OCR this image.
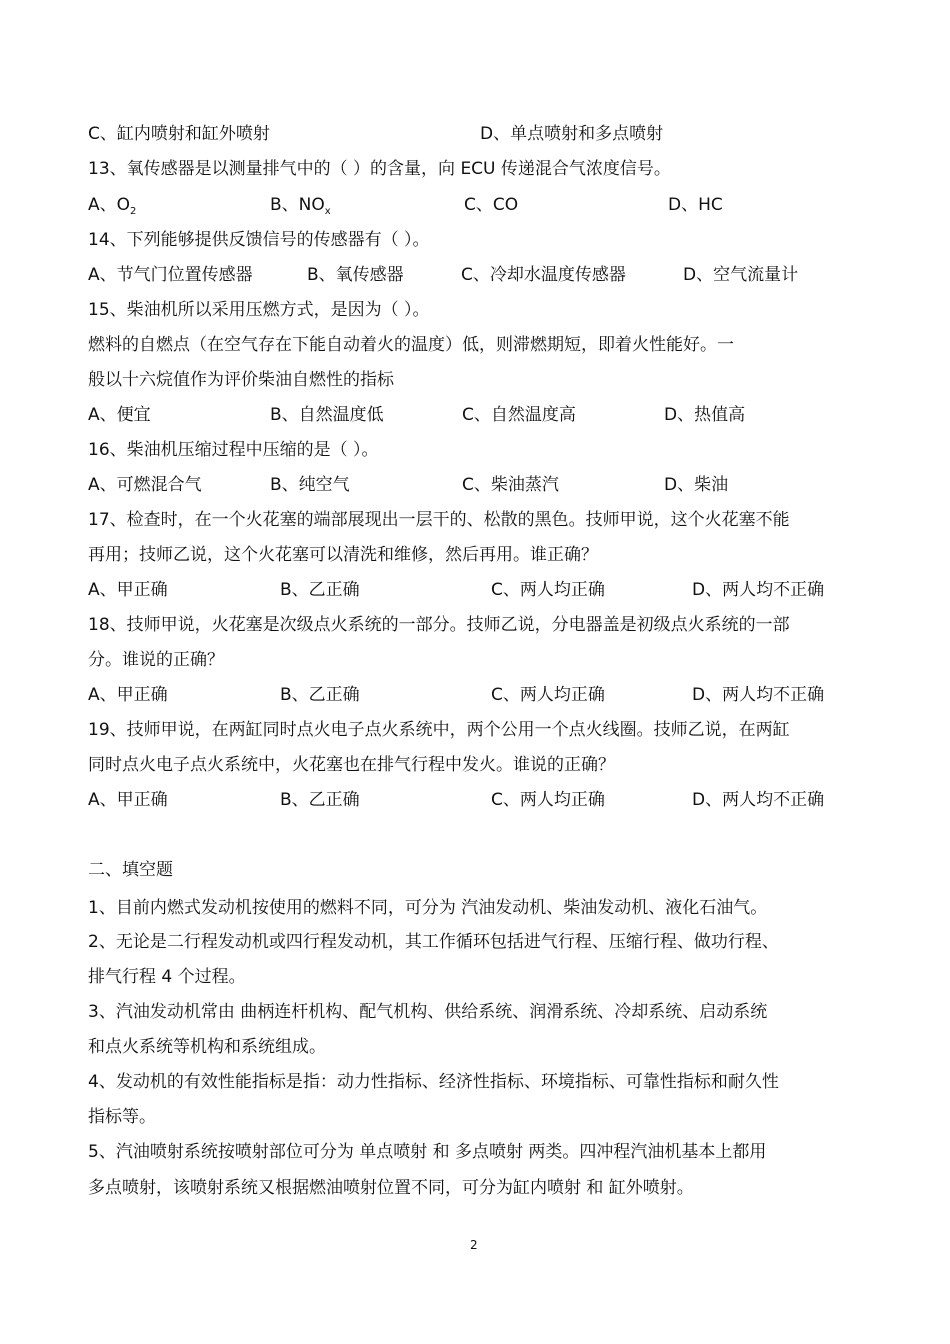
C、缸内喷射和缸外喷射	D、单点喷射和多点喷射
13、氧传感器是以测量排气中的（ ）的含量，向 ECU 传递混合气浓度信号。
A、$O_2$	B、$NO_x$	C、CO	D、HC
14、下列能够提供反馈信号的传感器有（ ）。
A、节气门位置传感器	B、氧传感器	C、冷却水温度传感器	D、空气流量计
15、柴油机所以采用压燃方式，是因为（ ）。
燃料的自燃点（在空气存在下能自动着火的温度）低，则滞燃期短，即着火性能好。一
般以十六烷值作为评价柴油自燃性的指标
A、便宜	B、自然温度低	C、自然温度高	D、热值高
16、柴油机压缩过程中压缩的是（ ）。
A、可燃混合气	B、纯空气	C、柴油蒸汽	D、柴油
17、检查时，在一个火花塞的端部展现出一层干的、松散的黑色。技师甲说，这个火花塞不能
再用；技师乙说，这个火花塞可以清洗和维修，然后再用。谁正确？
A、甲正确	B、乙正确	C、两人均正确	D、两人均不正确
18、技师甲说，火花塞是次级点火系统的一部分。技师乙说，分电器盖是初级点火系统的一部
分。谁说的正确？
A、甲正确	B、乙正确	C、两人均正确	D、两人均不正确
19、技师甲说，在两缸同时点火电子点火系统中，两个公用一个点火线圈。技师乙说，在两缸
同时点火电子点火系统中，火花塞也在排气行程中发火。谁说的正确？
A、甲正确	B、乙正确	C、两人均正确	D、两人均不正确
二、填空题
1、目前内燃式发动机按使用的燃料不同，可分为 汽油发动机、柴油发动机、液化石油气。
2、无论是二行程发动机或四行程发动机，其工作循环包括进气行程、压缩行程、做功行程、
排气行程 4 个过程。
3、汽油发动机常由 曲柄连杆机构、配气机构、供给系统、润滑系统、冷却系统、启动系统
和点火系统等机构和系统组成。
4、发动机的有效性能指标是指：动力性指标、经济性指标、环境指标、可靠性指标和耐久性
指标等。
5、汽油喷射系统按喷射部位可分为 单点喷射 和 多点喷射 两类。四冲程汽油机基本上都用
多点喷射，该喷射系统又根据燃油喷射位置不同，可分为缸内喷射 和 缸外喷射。
2
